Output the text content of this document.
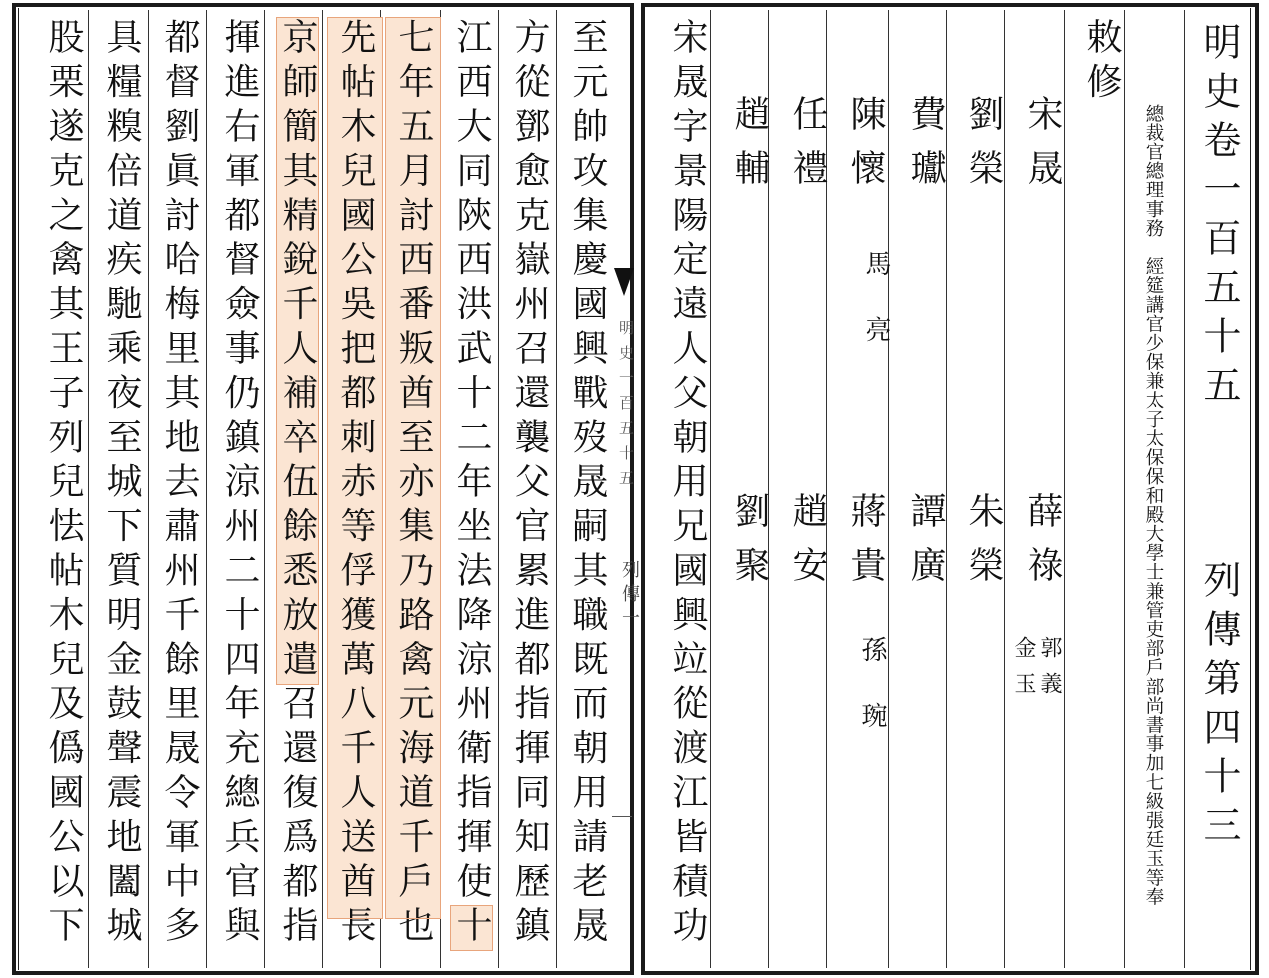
至元帥攻集慶國興戰歿晟嗣其職既而朝用請老晟
方從鄧愈克嶽州召還襲父官累進都指揮同知歷鎮
江西大同陝西洪武十二年坐法降涼州衛指揮使十
七年五月討西番叛酋至亦集乃路禽元海道千戶也
先帖木兒國公吳把都刺赤等俘獲萬八千人送酋長
京師簡其精銳千人補卒伍餘悉放遣召還復爲都指
揮進右軍都督僉事仍鎮涼州二十四年充總兵官與
都督劉眞討哈梅里其地去肅州千餘里晟令軍中多
具糧糗倍道疾馳乘夜至城下質明金鼓聲震地闔城
股栗遂克之禽其王子列兒怯帖木兒及僞國公以下	明史一百五十五
列傳一
明史卷一百五十五
列傳第四十三
總裁官總理事務　經筵講官少保兼太子太保保和殿大學士兼管吏部戶部尚書事加七級張廷玉等奉
敕修
宋晟
薛祿
郭義
金玉
劉榮
朱榮
費瓛
譚廣
陳懷
馬亮
蔣貴
孫琬
任禮
趙安
趙輔
劉聚
宋晟字景陽定遠人父朝用兄國興竝從渡江皆積功
